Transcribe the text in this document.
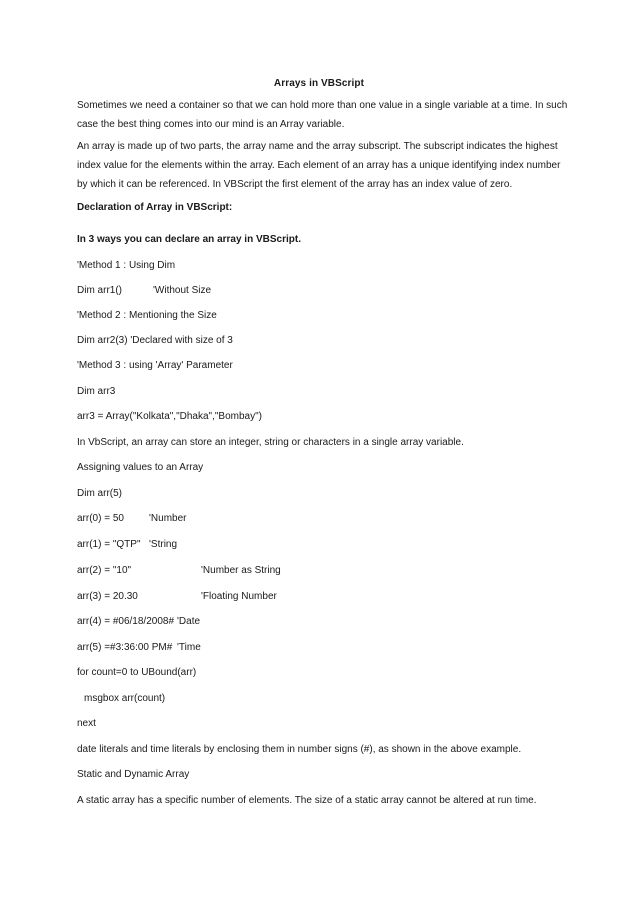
Arrays in VBScript
Sometimes we need a container so that we can hold more than one value in a single variable at a time. In such
case the best thing comes into our mind is an Array variable.
An array is made up of two parts, the array name and the array subscript. The subscript indicates the highest
index value for the elements within the array. Each element of an array has a unique identifying index number
by which it can be referenced. In VBScript the first element of the array has an index value of zero.
Declaration of Array in VBScript:
In 3 ways you can declare an array in VBScript.
'Method 1 : Using Dim
Dim arr1()	'Without Size
'Method 2 : Mentioning the Size
Dim arr2(3) 'Declared with size of 3
'Method 3 : using 'Array' Parameter
Dim arr3
arr3 = Array("Kolkata","Dhaka","Bombay")
In VbScript, an array can store an integer, string or characters in a single array variable.
Assigning values to an Array
Dim arr(5)
arr(0) = 50	'Number
arr(1) = "QTP" 'String
arr(2) = "10"	'Number as String
arr(3) = 20.30	'Floating Number
arr(4) = #06/18/2008# 'Date
arr(5) =#3:36:00 PM# 'Time
for count=0 to UBound(arr)
msgbox arr(count)
next
date literals and time literals by enclosing them in number signs (#), as shown in the above example.
Static and Dynamic Array
A static array has a specific number of elements. The size of a static array cannot be altered at run time.
